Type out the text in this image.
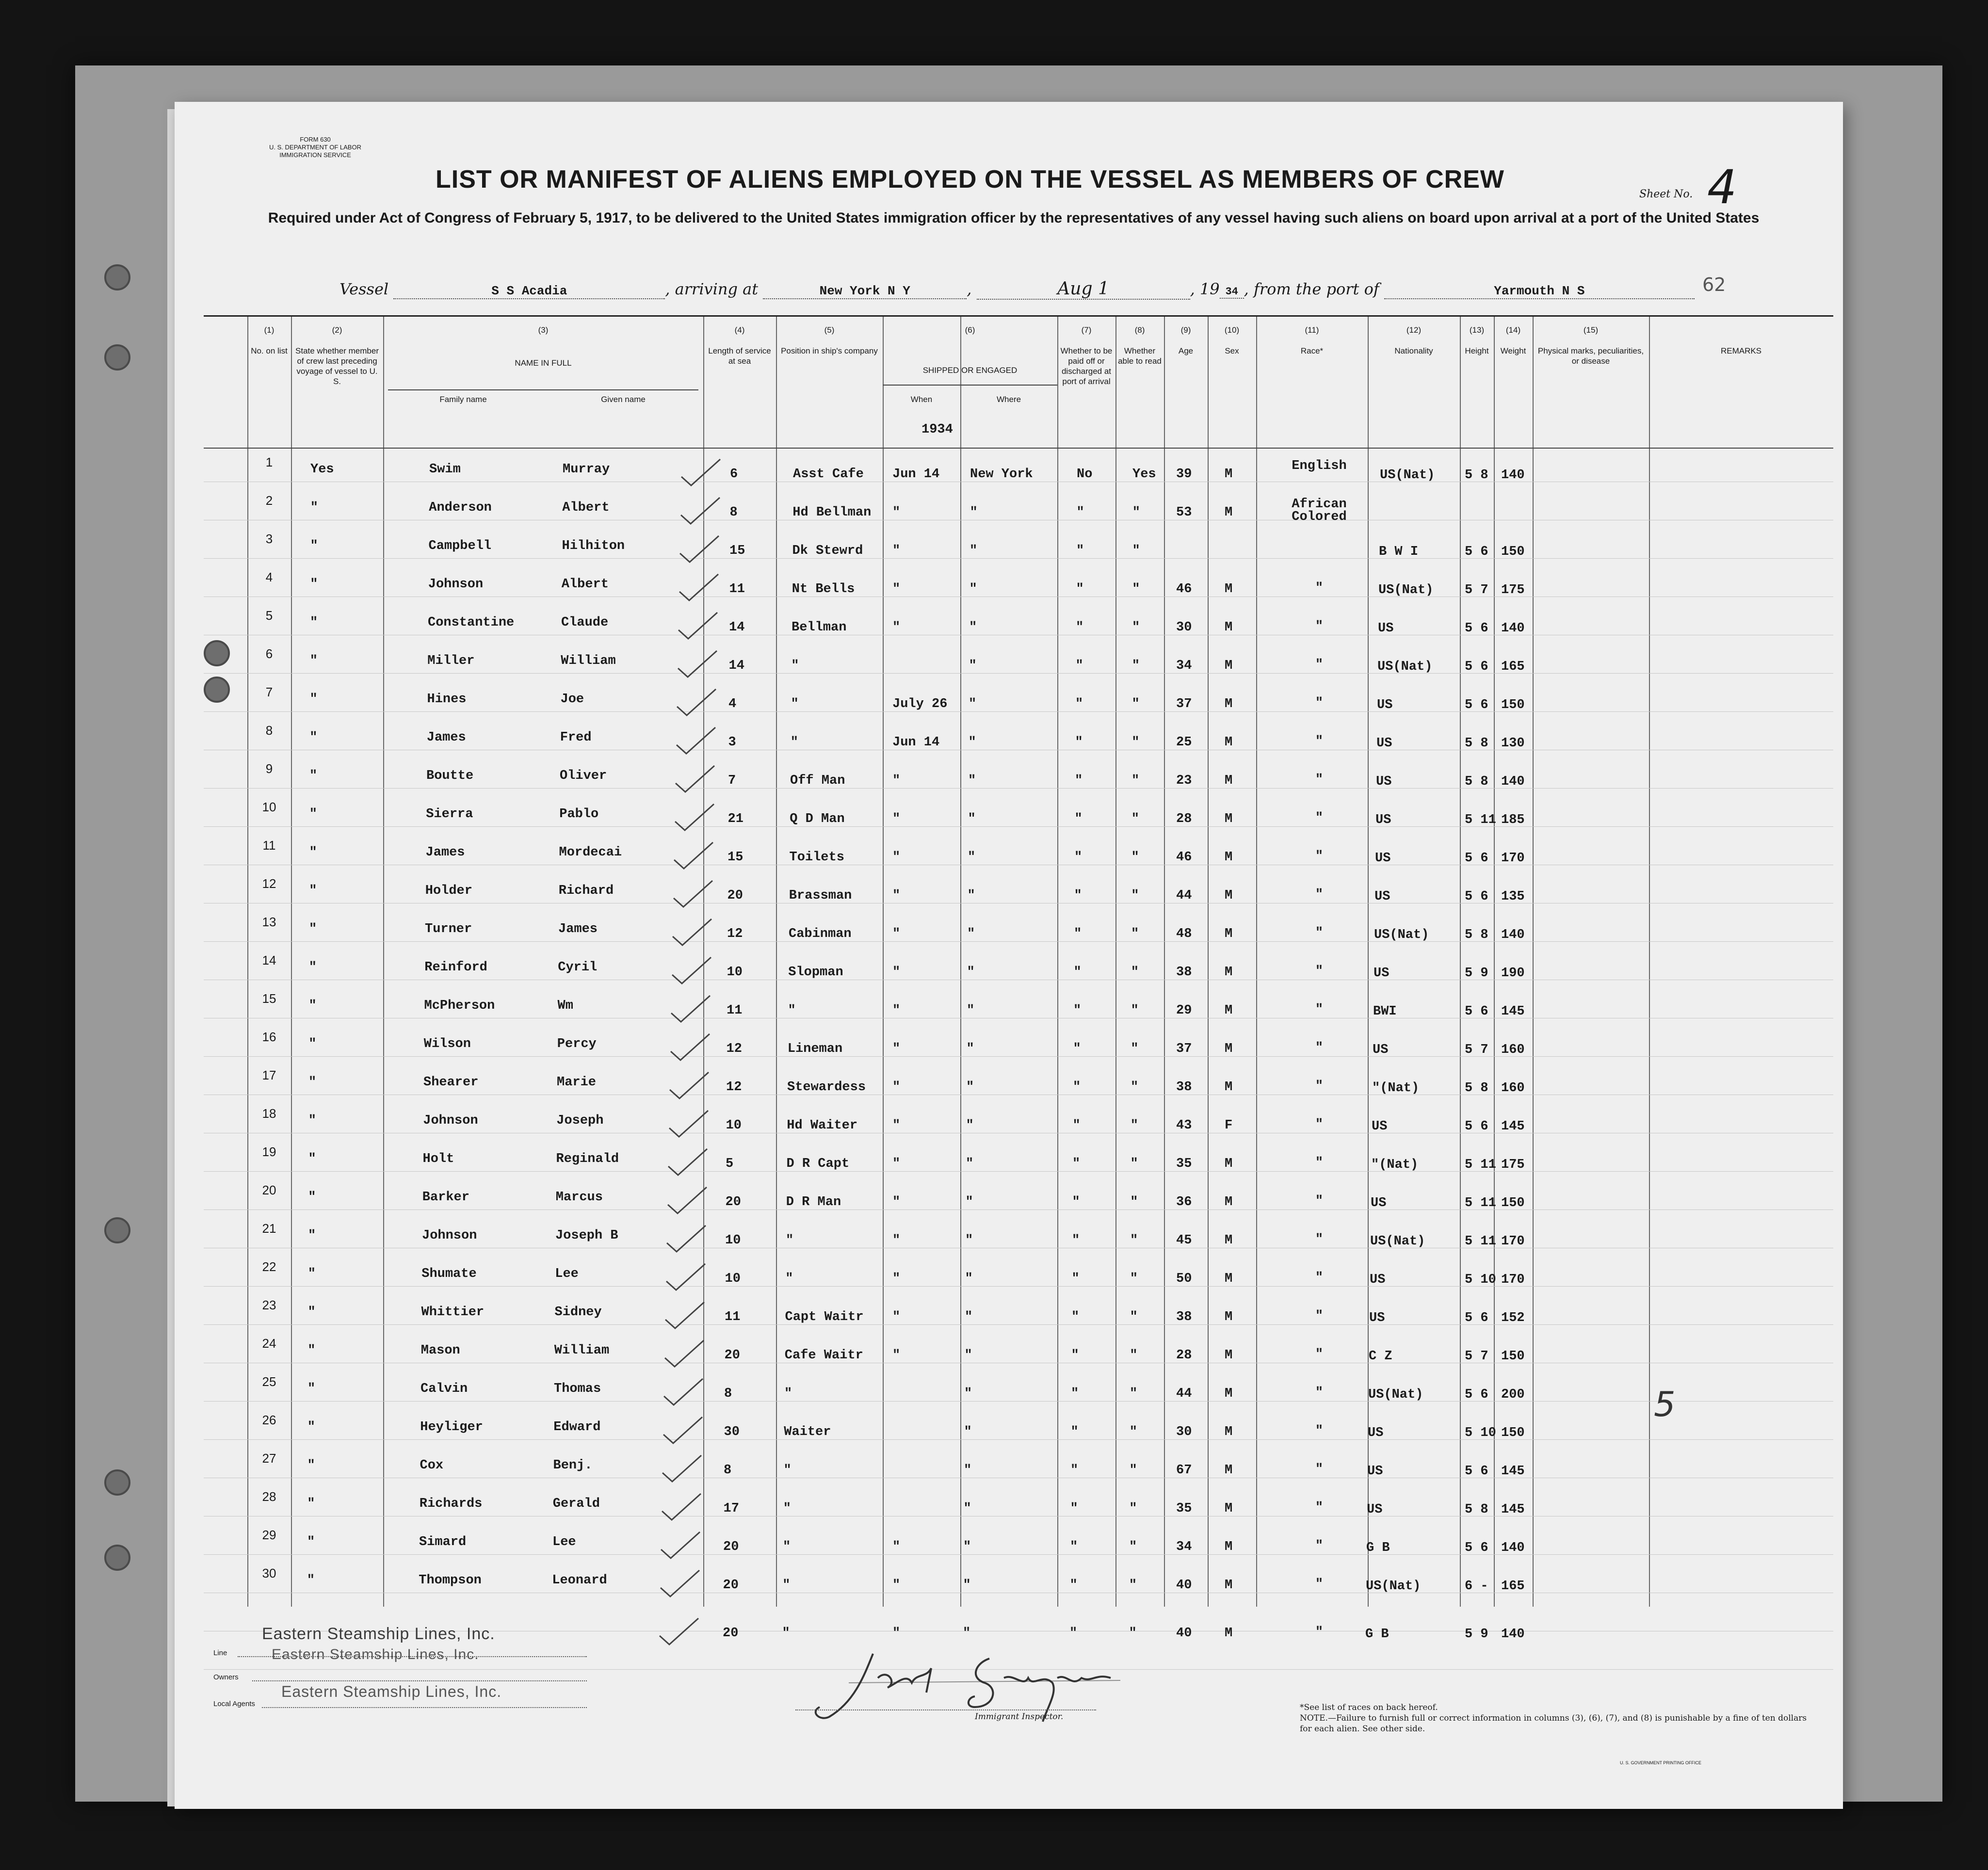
FORM 630
U. S. DEPARTMENT OF LABOR
IMMIGRATION SERVICE
LIST OR MANIFEST OF ALIENS EMPLOYED ON THE VESSEL AS MEMBERS OF CREW
Required under Act of Congress of February 5, 1917, to be delivered to the United States immigration officer by the representatives of any vessel having such aliens on board upon arrival at a port of the United States
Sheet No. 4
62
Vessel	S S Acadia	, arriving at	New York N Y	,	Aug 1	, 19 34 , from the port of	Yarmouth N S
(1)
No. on list
(2)
State whether member of crew last preceding voyage of vessel to U. S.
(3)
NAME IN FULL
(4)
Length of service at sea
(5)
Position in ship's company
(6)
SHIPPED OR ENGAGED
(7)
Whether to be paid off or discharged at port of arrival
(8)
Whether able to read
(9)
Age
(10)
Sex
(11)
Race*
(12)
Nationality
(13)
Height
(14)
Weight
(15)
Physical marks, peculiarities, or disease
REMARKS
Family name	Given name	When	Where
1934
1	Yes	Swim	Murray	6	Asst Cafe Jun 14 New York	No	Yes 39	M
English
US(Nat) 5 8 140
2	"	Anderson	Albert	8	Hd Bellman "	"	"	"	53	M
African Colored
3	"	Campbell	Hilhiton	15	Dk Stewrd "	"	"	"	B W I	5 6 150
4	"	Johnson	Albert	11	Nt Bells	"	"	"	"	46	M	"	US(Nat) 5 7 175
5	"	Constantine	Claude	14	Bellman	"	"	"	"	30	M	"	US	5 6 140
6	"	Miller	William	14	"	"	"	"	34	M	"	US(Nat) 5 6 165
7	"	Hines	Joe	4	"	July 26 "	"	"	37	M	"	US	5 6 150
8	"	James	Fred	3	"	Jun 14 "	"	"	25	M	"	US	5 8 130
9	"	Boutte	Oliver	7	Off Man	"	"	"	"	23	M	"	US	5 8 140
10	"	Sierra	Pablo	21	Q D Man	"	"	"	"	28	M	"	US	5 11 185
11	"	James	Mordecai	15	Toilets	"	"	"	"	46	M	"	US	5 6 170
12	"	Holder	Richard	20	Brassman	"	"	"	"	44	M	"	US	5 6 135
13	"	Turner	James	12	Cabinman	"	"	"	"	48	M	"	US(Nat)	5 8 140
14	"	Reinford	Cyril	10	Slopman	"	"	"	"	38	M	"	US	5 9 190
15	"	McPherson	Wm	11	"	"	"	"	"	29	M	"	BWI	5 6 145
16	"	Wilson	Percy	12	Lineman	"	"	"	"	37	M	"	US	5 7 160
17	"	Shearer	Marie	12	Stewardess "	"	"	"	38	M	"	"(Nat)	5 8 160
18	"	Johnson	Joseph	10	Hd Waiter	"	"	"	"	43	F	"	US	5 6 145
19	"	Holt	Reginald	5	D R Capt	"	"	"	"	35	M	"	"(Nat)	5 11 175
20	"	Barker	Marcus	20	D R Man	"	"	"	"	36	M	"	US	5 11 150
21	"	Johnson	Joseph B	10	"	"	"	"	"	45	M	"	US(Nat)	5 11 170
22	"	Shumate	Lee	10	"	"	"	"	"	50	M	"	US	5 10 170
23	"	Whittier	Sidney	11	Capt Waitr "	"	"	"	38	M	"	US	5 6 152
24	"	Mason	William	20	Cafe Waitr "	"	"	"	28	M	"	C Z	5 7 150
25	"	Calvin	Thomas	8	"	"	"	"	44	M	"	US(Nat)	5 6 200
26	"	Heyliger	Edward	30	Waiter	"	"	"	30	M	"	US	5 10 150
27	"	Cox	Benj.	8	"	"	"	"	67	M	"	US	5 6 145
28	"	Richards	Gerald	17	"	"	"	"	35	M	"	US	5 8 145
29	"	Simard	Lee	20	"	"	"	"	"	34	M	"	G B	5 6 140
30	"	Thompson	Leonard	20	"	"	"	"	"	40	M	"	US(Nat)	6 - 165
20	"	"	"	"	"	40	M	"	G B	5 9 140
5
Eastern Steamship Lines, Inc.
Line	Eastern Steamship Lines, Inc.
Owners
Eastern Steamship Lines, Inc.
Local Agents
Immigrant Inspector.
*See list of races on back hereof.
NOTE.—Failure to furnish full or correct information in columns (3), (6), (7), and (8) is punishable by a fine of ten dollars for each alien. See other side.
U. S. GOVERNMENT PRINTING OFFICE
